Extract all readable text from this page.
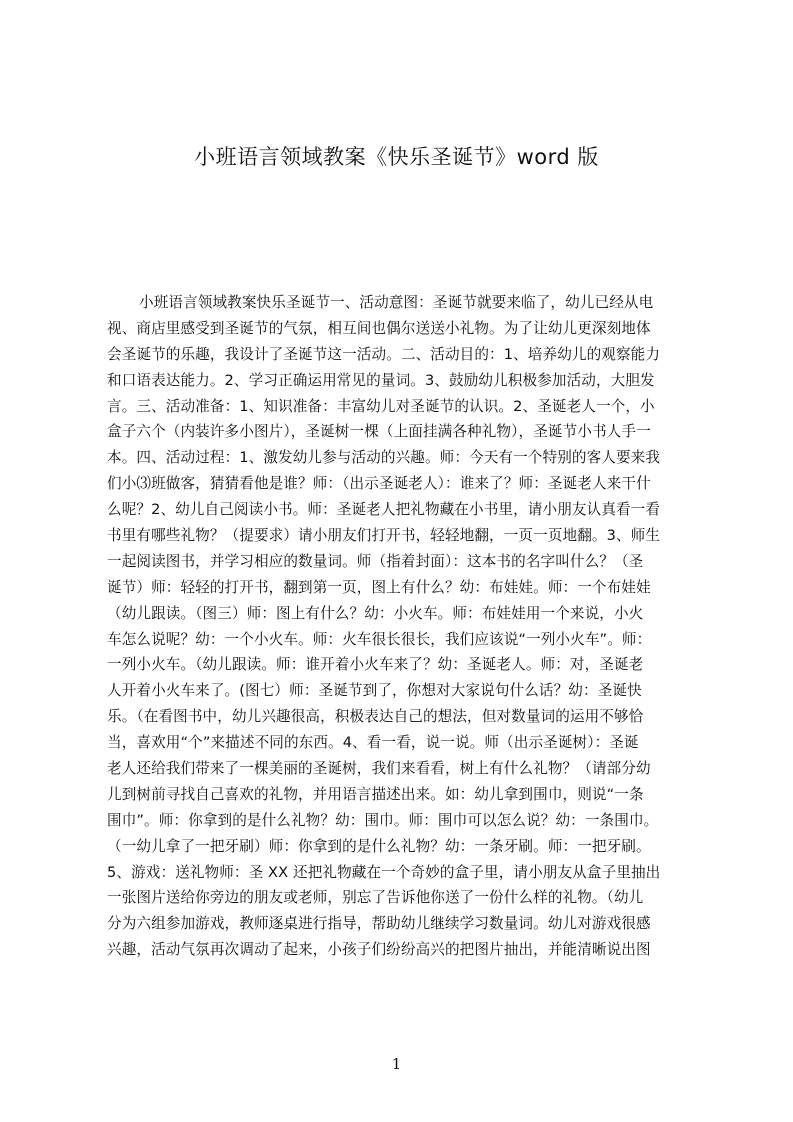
小班语言领域教案《快乐圣诞节》word 版
小班语言领域教案快乐圣诞节一、活动意图：圣诞节就要来临了，幼儿已经从电
视、商店里感受到圣诞节的气氛，相互间也偶尔送送小礼物。为了让幼儿更深刻地体
会圣诞节的乐趣，我设计了圣诞节这一活动。二、活动目的：1、培养幼儿的观察能力
和口语表达能力。2、学习正确运用常见的量词。3、鼓励幼儿积极参加活动，大胆发
言。三、活动准备：1、知识准备：丰富幼儿对圣诞节的认识。2、圣诞老人一个，小
盒子六个（内装许多小图片），圣诞树一棵（上面挂满各种礼物），圣诞节小书人手一
本。四、活动过程：1、激发幼儿参与活动的兴趣。师：今天有一个特别的客人要来我
们小⑶班做客，猜猜看他是谁？师：（出示圣诞老人）：谁来了？师：圣诞老人来干什
么呢？2、幼儿自己阅读小书。师：圣诞老人把礼物藏在小书里，请小朋友认真看一看
书里有哪些礼物？（提要求）请小朋友们打开书，轻轻地翻，一页一页地翻。3、师生
一起阅读图书，并学习相应的数量词。师（指着封面）：这本书的名字叫什么？（圣
诞节）师：轻轻的打开书，翻到第一页，图上有什么？幼：布娃娃。师：一个布娃娃
（幼儿跟读。（图三）师：图上有什么？幼：小火车。师：布娃娃用一个来说，小火
车怎么说呢？幼：一个小火车。师：火车很长很长，我们应该说“一列小火车”。师：
一列小火车。（幼儿跟读。师：谁开着小火车来了？幼：圣诞老人。师：对，圣诞老
人开着小火车来了。(图七）师：圣诞节到了，你想对大家说句什么话？幼：圣诞快
乐。（在看图书中，幼儿兴趣很高，积极表达自己的想法，但对数量词的运用不够恰
当，喜欢用“个”来描述不同的东西。4、看一看，说一说。师（出示圣诞树）：圣诞
老人还给我们带来了一棵美丽的圣诞树，我们来看看，树上有什么礼物？（请部分幼
儿到树前寻找自己喜欢的礼物，并用语言描述出来。如：幼儿拿到围巾，则说“一条
围巾”。师：你拿到的是什么礼物？幼：围巾。师：围巾可以怎么说？幼：一条围巾。
（一幼儿拿了一把牙刷）师：你拿到的是什么礼物？幼：一条牙刷。师：一把牙刷。
5、游戏：送礼物师：圣 XX 还把礼物藏在一个奇妙的盒子里，请小朋友从盒子里抽出
一张图片送给你旁边的朋友或老师，别忘了告诉他你送了一份什么样的礼物。（幼儿
分为六组参加游戏，教师逐桌进行指导，帮助幼儿继续学习数量词。幼儿对游戏很感
兴趣，活动气氛再次调动了起来，小孩子们纷纷高兴的把图片抽出，并能清晰说出图
1
